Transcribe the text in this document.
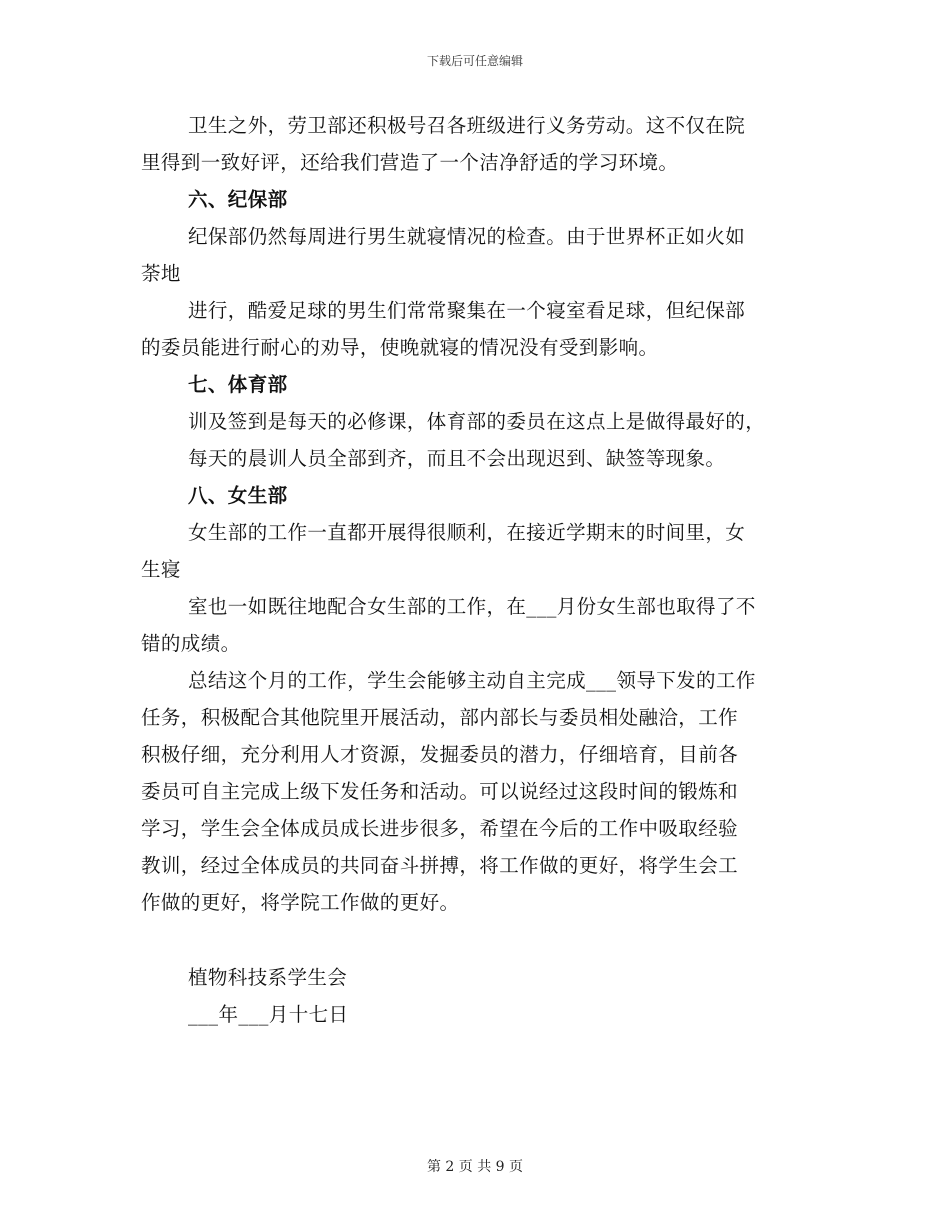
下载后可任意编辑
卫生之外，劳卫部还积极号召各班级进行义务劳动。这不仅在院
里得到一致好评，还给我们营造了一个洁净舒适的学习环境。
六、纪保部
纪保部仍然每周进行男生就寝情况的检查。由于世界杯正如火如
荼地
进行，酷爱足球的男生们常常聚集在一个寝室看足球，但纪保部
的委员能进行耐心的劝导，使晚就寝的情况没有受到影响。
七、体育部
训及签到是每天的必修课，体育部的委员在这点上是做得最好的，
每天的晨训人员全部到齐，而且不会出现迟到、缺签等现象。
八、女生部
女生部的工作一直都开展得很顺利，在接近学期末的时间里，女
生寝
室也一如既往地配合女生部的工作，在___月份女生部也取得了不
错的成绩。
总结这个月的工作，学生会能够主动自主完成___领导下发的工作
任务，积极配合其他院里开展活动，部内部长与委员相处融洽，工作
积极仔细，充分利用人才资源，发掘委员的潜力，仔细培育，目前各
委员可自主完成上级下发任务和活动。可以说经过这段时间的锻炼和
学习，学生会全体成员成长进步很多，希望在今后的工作中吸取经验
教训，经过全体成员的共同奋斗拼搏，将工作做的更好，将学生会工
作做的更好，将学院工作做的更好。
植物科技系学生会
___年___月十七日
第 2 页 共 9 页
